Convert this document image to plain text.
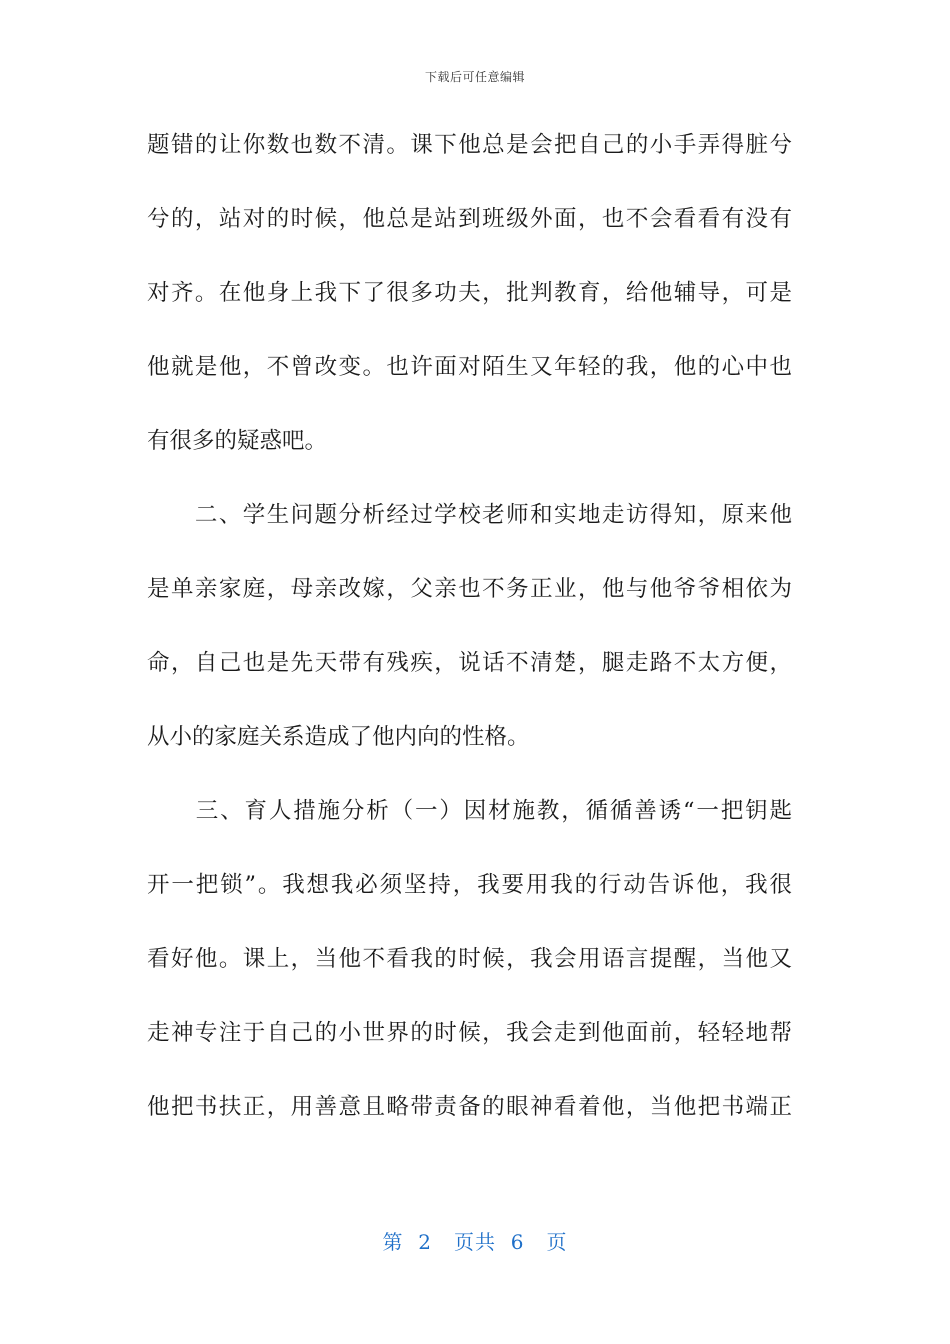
下载后可任意编辑
题错的让你数也数不清。课下他总是会把自己的小手弄得脏兮
兮的，站对的时候，他总是站到班级外面，也不会看看有没有
对齐。在他身上我下了很多功夫，批判教育，给他辅导，可是
他就是他，不曾改变。也许面对陌生又年轻的我，他的心中也
有很多的疑惑吧。
　　二、学生问题分析经过学校老师和实地走访得知，原来他
是单亲家庭，母亲改嫁，父亲也不务正业，他与他爷爷相依为
命，自己也是先天带有残疾，说话不清楚，腿走路不太方便，
从小的家庭关系造成了他内向的性格。
　　三、育人措施分析（一）因材施教，循循善诱“一把钥匙
开一把锁”。我想我必须坚持，我要用我的行动告诉他，我很
看好他。课上，当他不看我的时候，我会用语言提醒，当他又
走神专注于自己的小世界的时候，我会走到他面前，轻轻地帮
他把书扶正，用善意且略带责备的眼神看着他，当他把书端正
第 2 页共 6 页
